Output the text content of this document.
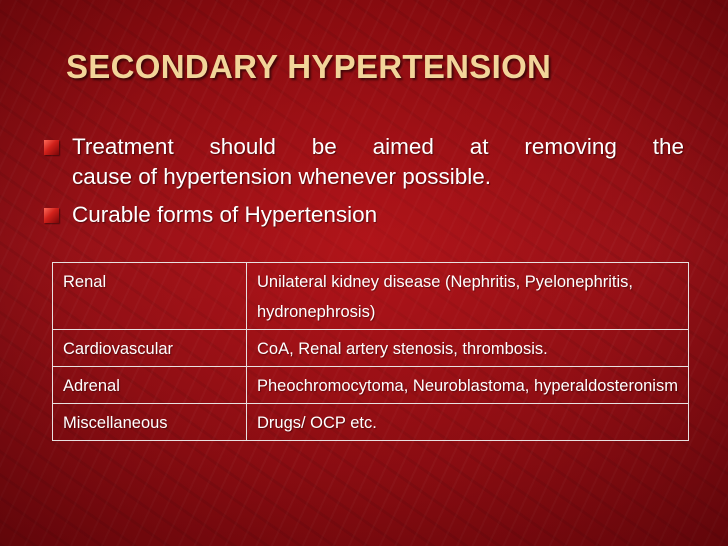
SECONDARY HYPERTENSION
Treatment should be aimed at removing the
cause of hypertension whenever possible.
Curable forms of Hypertension
Renal	Unilateral kidney disease (Nephritis, Pyelonephritis, hydronephrosis)
Cardiovascular	CoA, Renal artery stenosis, thrombosis.
Adrenal	Pheochromocytoma, Neuroblastoma, hyperaldosteronism
Miscellaneous	Drugs/ OCP etc.
